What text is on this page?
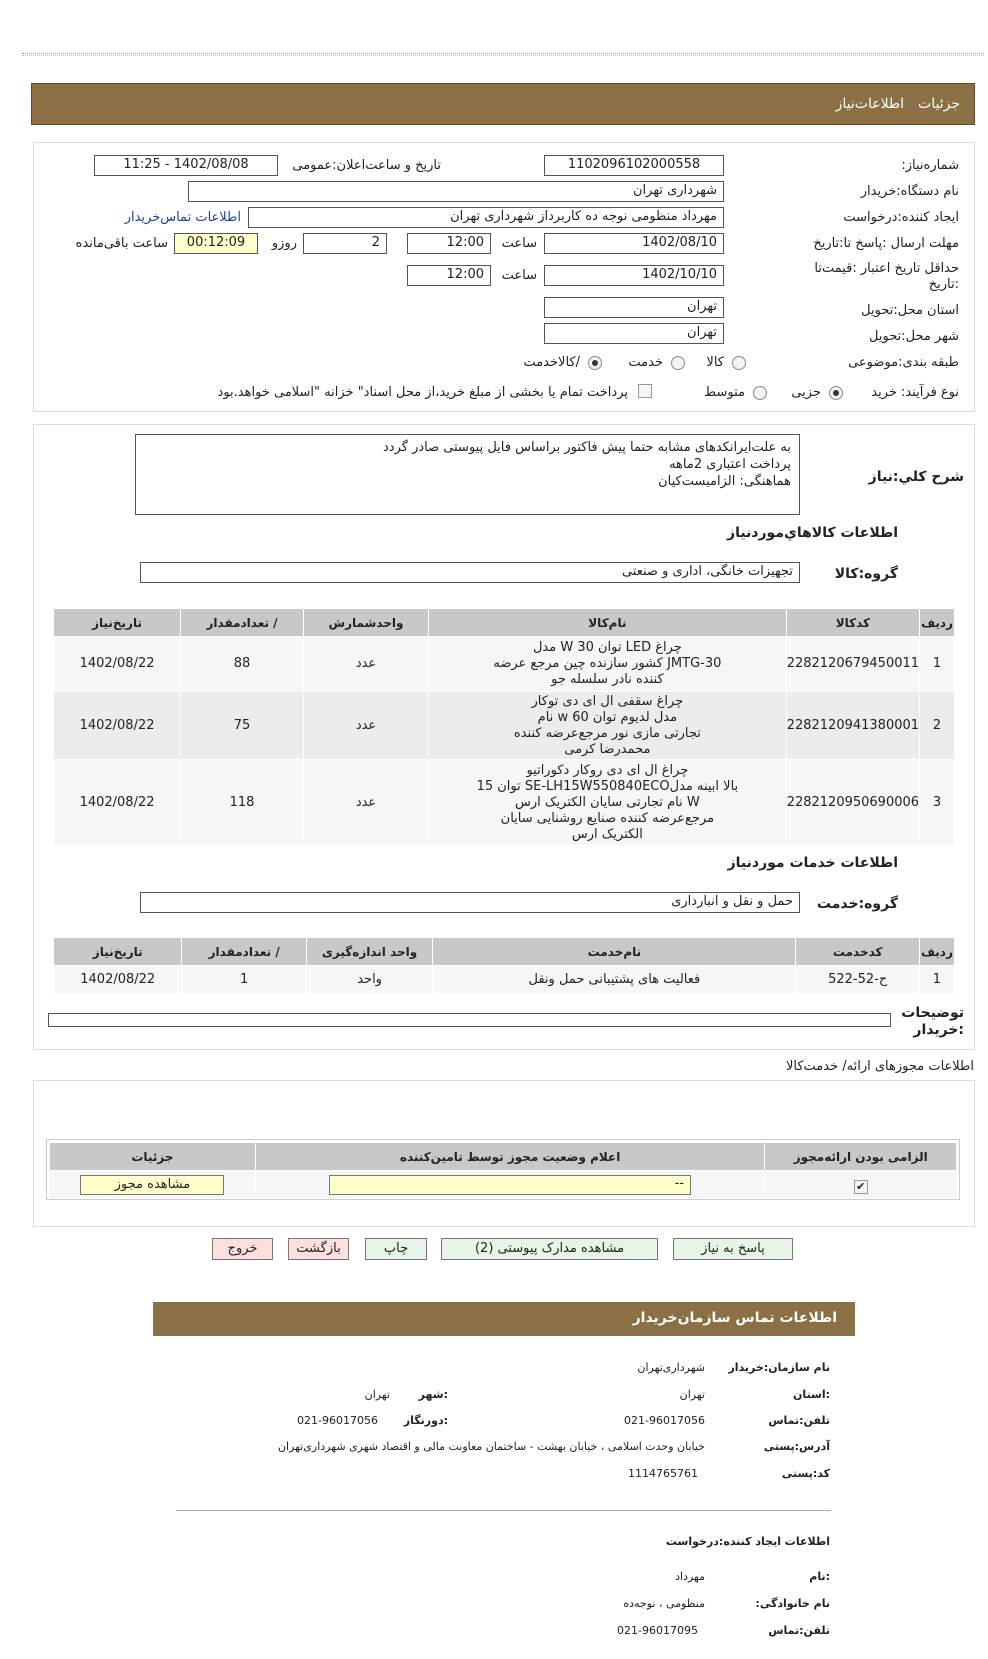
جزئیات
اطلاعات‌نیاز
شماره‌نیاز:
1102096102000558
تاریخ و ساعت‌اعلان‌:عمومی
1402/08/08 - 11:25
نام دستگاه‌:خریدار
شهرداری تهران
ایجاد کننده‌:درخواست
مهرداد منظومی نوجه ده کاربرداز شهرداری تهران
اطلاعات تماس‌خریدار
مهلت ارسال :پاسخ تا‌:تاریخ
1402/08/10
ساعت
12:00
2
روزو
00:12:09
ساعت باقی‌مانده
حداقل تاریخ اعتبار :قیمت‌تا
:تاریخ
1402/10/10
ساعت
12:00
استان محل‌:تحویل
تهران
شهر محل‌:تحویل
تهران
طبقه بندی‌:موضوعی
کالا
خدمت
/کالاخدمت
نوع فرآیند: خرید
جزیی
متوسط
پرداخت تمام یا بخشی از مبلغ خرید،از محل اسناد" خزانه "اسلامی خواهد.بود
شرح کلي‌:نیاز
به علت‌ایرانکدهای مشابه حتما پیش فاکتور براساس فایل پیوستی صادر گردد
پرداخت اعتباری 2ماهه
هماهنگی: الزامیست‌کیان
اطلاعات کالاهاي‌موردنیاز
گروه‌:کالا
تجهیزات خانگی، اداری و صنعتی
ردیف	کدکالا	نام‌کالا	واحدشمارش	/ تعدادمقدار	تاریخ‌نیاز
1	2282120679450011	چراغ LED توان 30 W مدل
JMTG-30 کشور سازنده چین مرجع عرضه
کننده نادر سلسله جو	عدد	88	1402/08/22
2	2282120941380001	چراغ سقفی ال ای دی توکار
مدل لدیوم توان 60 w نام
تجارتی مازی نور مرجع‌عرضه کننده
محمدرضا کرمی	عدد	75	1402/08/22
3	2282120950690006	چراغ ال ای دی روکار دکوراتیو
بالا ابینه مدلSE-LH15W550840ECO توان 15
W نام تجارتی سایان الکتریک ارس
مرجع‌عرضه کننده صنایع روشنایی سایان
الکتریک ارس	عدد	118	1402/08/22
اطلاعات خدمات موردنیاز
گروه‌:خدمت
حمل و نقل و انبارداری
ردیف	کدخدمت	نام‌خدمت	واحد اندازه‌گیری	/ تعدادمقدار	تاریخ‌نیاز
1	ح-52-522	فعالیت های پشتیبانی حمل ونقل	واحد	1	1402/08/22
توضیحات
:خریدار
اطلاعات مجوزهای ارائه/ خدمت‌کالا
الزامی بودن ارائه‌مجوز	اعلام وضعیت مجوز توسط تامین‌کننده	جزئیات
✔	--	مشاهده مجوز
پاسخ به نیاز
مشاهده مدارک پیوستی (2)
چاپ
بازگشت
خروج
اطلاعات تماس سازمان‌خریدار
نام سازمان‌:خریدار
شهرداری‌تهران
:استان
تهران
:شهر
تهران
تلفن‌:تماس
021-96017056
:دورنگار
021-96017056
آدرس‌:پستی
خیابان وحدت اسلامی ، خیابان بهشت - ساختمان معاونت مالی و اقتصاد شهری شهرداری‌تهران
کد‌:پستی
1114765761
اطلاعات ایجاد کننده‌:درخواست
:نام
مهرداد
نام خانوادگی‌:
منظومی ، نوجه‌ده
تلفن‌:تماس
021-96017095
